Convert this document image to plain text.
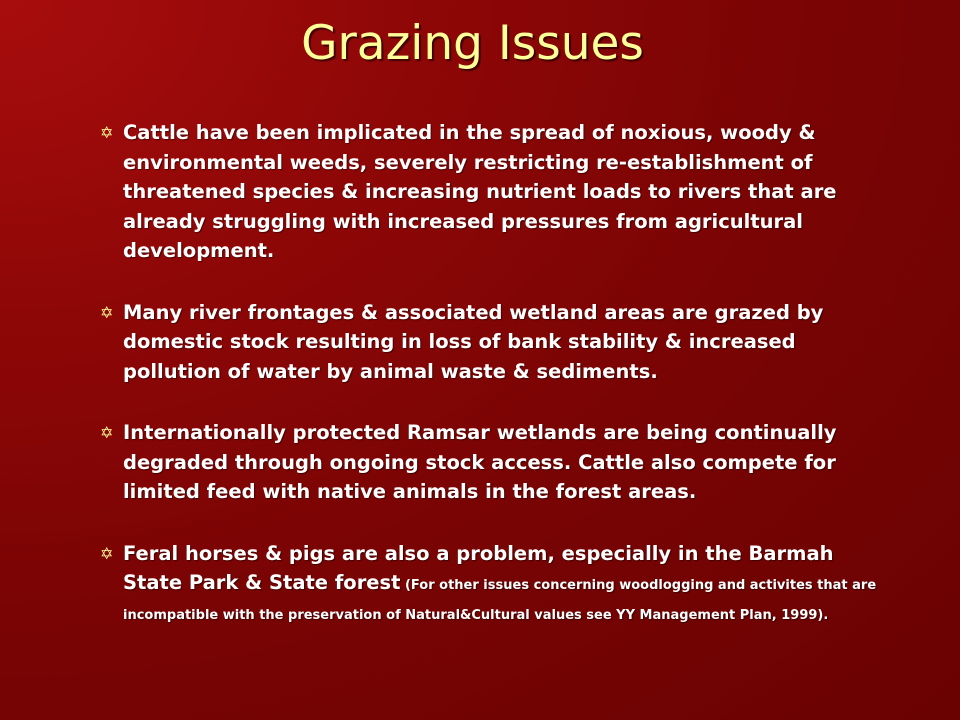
Grazing Issues
✡ Cattle have been implicated in the spread of noxious, woody & environmental weeds, severely restricting re-establishment of threatened species & increasing nutrient loads to rivers that are already struggling with increased pressures from agricultural development.
✡ Many river frontages & associated wetland areas are grazed by domestic stock resulting in loss of bank stability & increased pollution of water by animal waste & sediments.
✡ Internationally protected Ramsar wetlands are being continually degraded through ongoing stock access. Cattle also compete for limited feed with native animals in the forest areas.
✡ Feral horses & pigs are also a problem, especially in the Barmah State Park & State forest (For other issues concerning woodlogging and activites that are incompatible with the preservation of Natural&Cultural values see YY Management Plan, 1999).
